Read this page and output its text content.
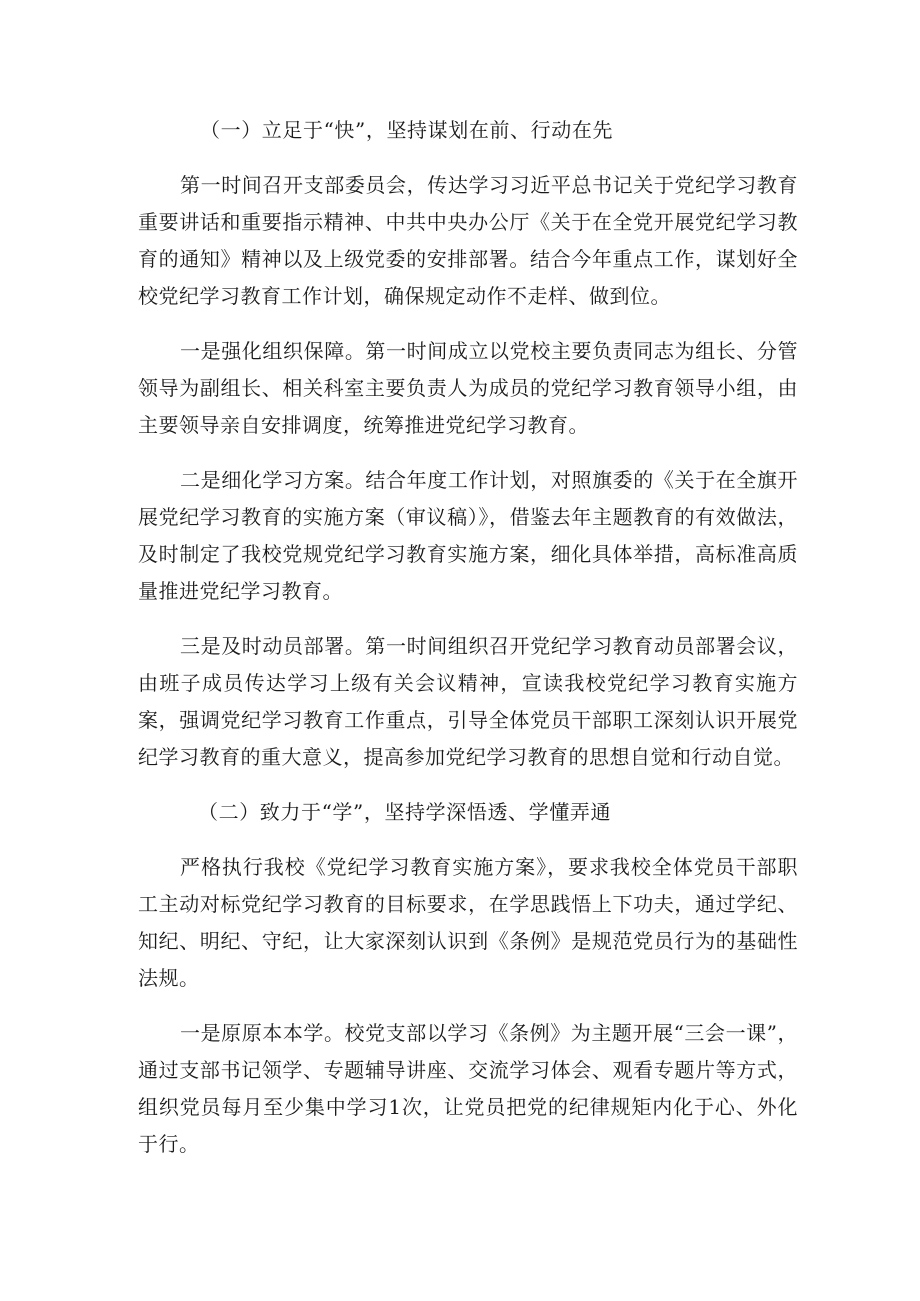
（一）立足于“快”，坚持谋划在前、行动在先

第一时间召开支部委员会，传达学习习近平总书记关于党纪学习教育重要讲话和重要指示精神、中共中央办公厅《关于在全党开展党纪学习教育的通知》精神以及上级党委的安排部署。结合今年重点工作，谋划好全校党纪学习教育工作计划，确保规定动作不走样、做到位。

一是强化组织保障。第一时间成立以党校主要负责同志为组长、分管领导为副组长、相关科室主要负责人为成员的党纪学习教育领导小组，由主要领导亲自安排调度，统筹推进党纪学习教育。

二是细化学习方案。结合年度工作计划，对照旗委的《关于在全旗开展党纪学习教育的实施方案（审议稿）》，借鉴去年主题教育的有效做法，及时制定了我校党规党纪学习教育实施方案，细化具体举措，高标准高质量推进党纪学习教育。

三是及时动员部署。第一时间组织召开党纪学习教育动员部署会议，由班子成员传达学习上级有关会议精神，宣读我校党纪学习教育实施方案，强调党纪学习教育工作重点，引导全体党员干部职工深刻认识开展党纪学习教育的重大意义，提高参加党纪学习教育的思想自觉和行动自觉。

（二）致力于“学”，坚持学深悟透、学懂弄通

严格执行我校《党纪学习教育实施方案》，要求我校全体党员干部职工主动对标党纪学习教育的目标要求，在学思践悟上下功夫，通过学纪、知纪、明纪、守纪，让大家深刻认识到《条例》是规范党员行为的基础性法规。

一是原原本本学。校党支部以学习《条例》为主题开展“三会一课”，通过支部书记领学、专题辅导讲座、交流学习体会、观看专题片等方式，组织党员每月至少集中学习1次，让党员把党的纪律规矩内化于心、外化于行。
